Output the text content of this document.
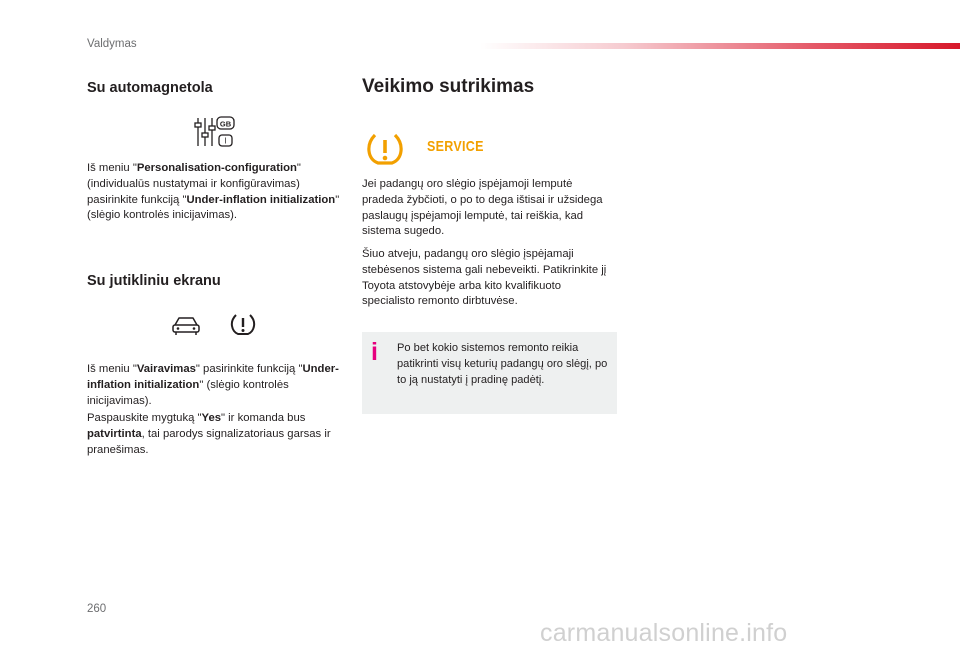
Valdymas
Su automagnetola
GB
I

Iš meniu "Personalisation-configuration" (individualūs nustatymai ir konfigūravimas) pasirinkite funkciją "Under-inflation initialization" (slėgio kontrolės inicijavimas).

Su jutikliniu ekranu

Iš meniu "Vairavimas" pasirinkite funkciją "Under-inflation initialization" (slėgio kontrolės inicijavimas).

Paspauskite mygtuką "Yes" ir komanda bus patvirtinta, tai parodys signalizatoriaus garsas ir pranešimas.

Veikimo sutrikimas
SERVICE

Jei padangų oro slėgio įspėjamoji lemputė pradeda žybčioti, o po to dega ištisai ir užsidega paslaugų įspėjamoji lemputė, tai reiškia, kad sistema sugedo.

Šiuo atveju, padangų oro slėgio įspėjamaji stebėsenos sistema gali nebeveikti. Patikrinkite jį Toyota atstovybėje arba kito kvalifikuoto specialisto remonto dirbtuvėse.

i Po bet kokio sistemos remonto reikia patikrinti visų keturių padangų oro slėgį, po to ją nustatyti į pradinę padėtį.

260
carmanualsonline.info
